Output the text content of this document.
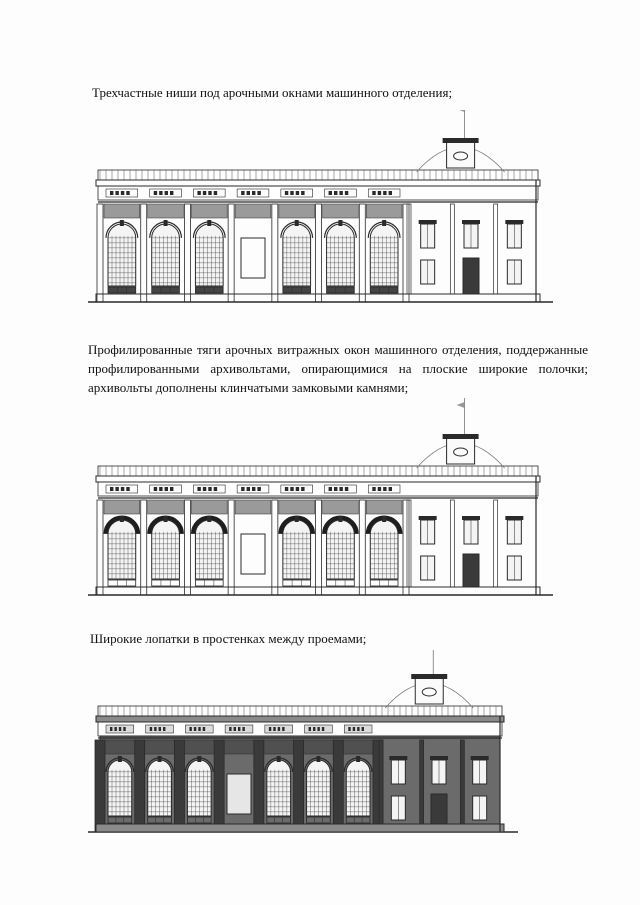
Трехчастные ниши под арочными окнами машинного отделения;
Профилированные тяги арочных витражных окон машинного отделения, поддержанные профилированными архивольтами, опирающимися на плоские широкие полочки; архивольты дополнены клинчатыми замковыми камнями;
Широкие лопатки в простенках между проемами;
